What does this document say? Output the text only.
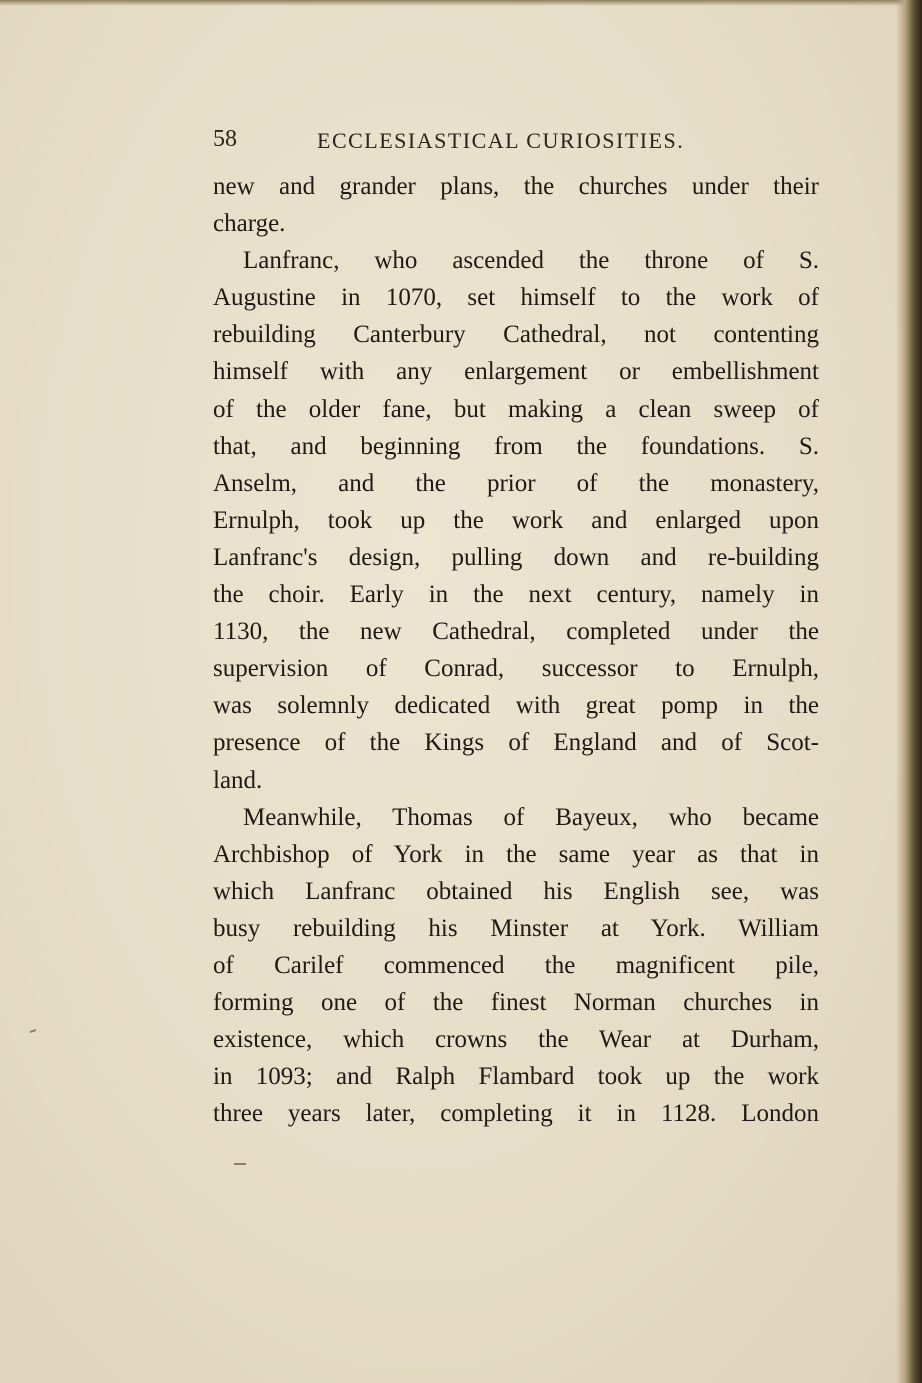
58	ECCLESIASTICAL CURIOSITIES.
new and grander plans, the churches under their
charge.
Lanfranc, who ascended the throne of S.
Augustine in 1070, set himself to the work of
rebuilding Canterbury Cathedral, not contenting
himself with any enlargement or embellishment
of the older fane, but making a clean sweep of
that, and beginning from the foundations. S.
Anselm, and the prior of the monastery,
Ernulph, took up the work and enlarged upon
Lanfranc's design, pulling down and re-building
the choir. Early in the next century, namely in
1130, the new Cathedral, completed under the
supervision of Conrad, successor to Ernulph,
was solemnly dedicated with great pomp in the
presence of the Kings of England and of Scot-
land.
Meanwhile, Thomas of Bayeux, who became
Archbishop of York in the same year as that in
which Lanfranc obtained his English see, was
busy rebuilding his Minster at York. William
of Carilef commenced the magnificent pile,
forming one of the finest Norman churches in
existence, which crowns the Wear at Durham,
in 1093; and Ralph Flambard took up the work
three years later, completing it in 1128. London
